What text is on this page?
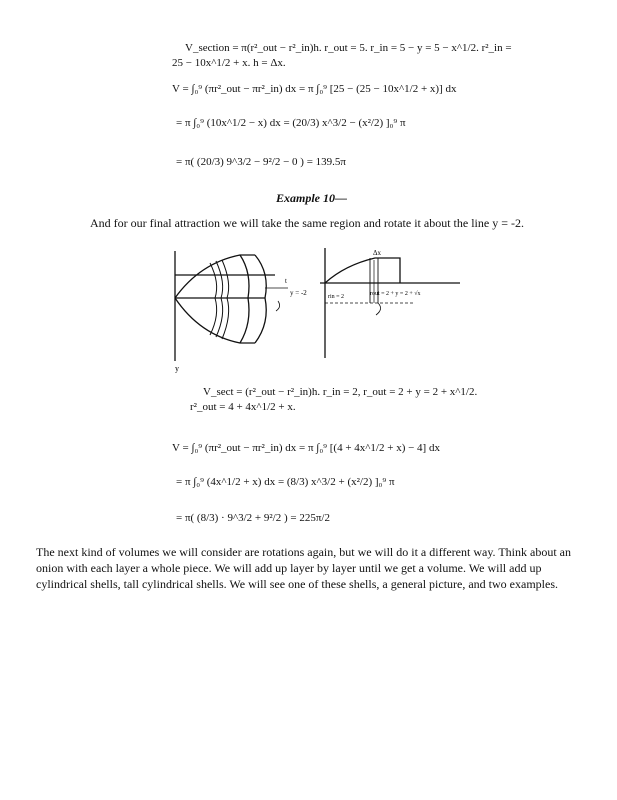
V_section = π(r²_out − r²_in)h. r_out = 5. r_in = 5 − y = 5 − x^1/2. r²_in =
25 − 10x^1/2 + x. h = Δx.
V = ∫₀⁹ (πr²_out − πr²_in) dx = π ∫₀⁹ [25 − (25 − 10x^1/2 + x)] dx
= π ∫₀⁹ (10x^1/2 − x) dx = (20/3) x^3/2 − (x²/2) ]₀⁹ π
= π( (20/3) 9^3/2 − 9²/2 − 0 ) = 139.5π
Example 10—
And for our final attraction we will take the same region and rotate it about the line y = -2.
y = -2
t
y
rin = 2
Δx
rout = 2 + y = 2 + √x
V_sect = (r²_out − r²_in)h. r_in = 2, r_out = 2 + y = 2 + x^1/2.
r²_out = 4 + 4x^1/2 + x.
V = ∫₀⁹ (πr²_out − πr²_in) dx = π ∫₀⁹ [(4 + 4x^1/2 + x) − 4] dx
= π ∫₀⁹ (4x^1/2 + x) dx = (8/3) x^3/2 + (x²/2) ]₀⁹ π
= π( (8/3) · 9^3/2 + 9²/2 ) = 225π/2
The next kind of volumes we will consider are rotations again, but we will do it a different way. Think about an
onion with each layer a whole piece. We will add up layer by layer until we get a volume. We will add up
cylindrical shells, tall cylindrical shells. We will see one of these shells, a general picture, and two examples.
